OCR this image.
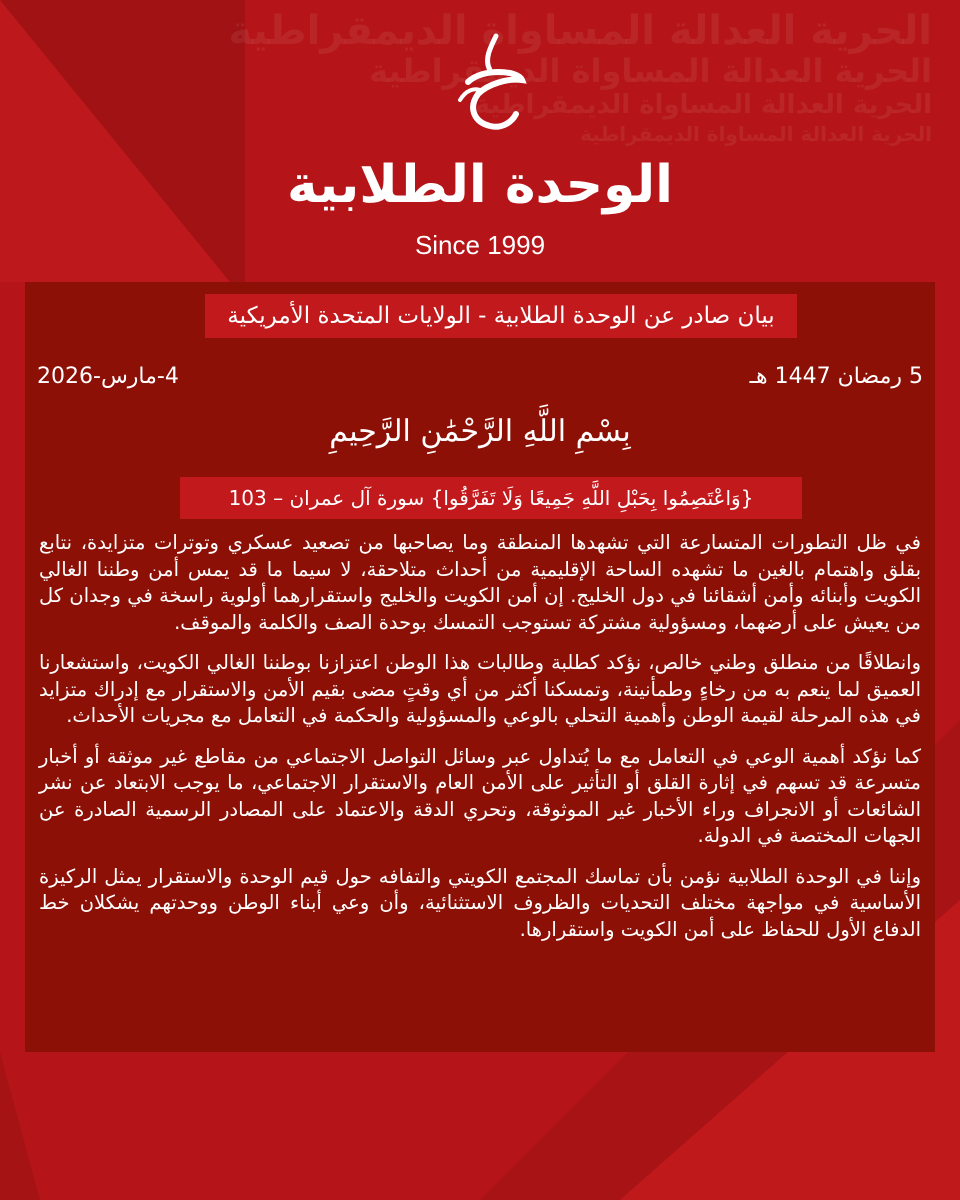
الحرية العدالة المساواة الديمقراطية
الحرية العدالة المساواة الديمقراطية
الحرية العدالة المساواة الديمقراطية
الحرية العدالة المساواة الديمقراطية
الوحدة الطلابية
Since 1999
بيان صادر عن الوحدة الطلابية - الولايات المتحدة الأمريكية
5 رمضان 1447 هـ
4-مارس-2026
بِسْمِ اللَّهِ الرَّحْمَٰنِ الرَّحِيمِ
{وَاعْتَصِمُوا بِحَبْلِ اللَّهِ جَمِيعًا وَلَا تَفَرَّقُوا} سورة آل عمران – 103

في ظل التطورات المتسارعة التي تشهدها المنطقة وما يصاحبها من تصعيد عسكري وتوترات متزايدة، نتابع بقلق واهتمام بالغين ما تشهده الساحة الإقليمية من أحداث متلاحقة، لا سيما ما قد يمس أمن وطننا الغالي الكويت وأبنائه وأمن أشقائنا في دول الخليج. إن أمن الكويت والخليج واستقرارهما أولوية راسخة في وجدان كل من يعيش على أرضهما، ومسؤولية مشتركة تستوجب التمسك بوحدة الصف والكلمة والموقف.

وانطلاقًا من منطلق وطني خالص، نؤكد كطلبة وطالبات هذا الوطن اعتزازنا بوطننا الغالي الكويت، واستشعارنا العميق لما ينعم به من رخاءٍ وطمأنينة، وتمسكنا أكثر من أي وقتٍ مضى بقيم الأمن والاستقرار مع إدراك متزايد في هذه المرحلة لقيمة الوطن وأهمية التحلي بالوعي والمسؤولية والحكمة في التعامل مع مجريات الأحداث.

كما نؤكد أهمية الوعي في التعامل مع ما يُتداول عبر وسائل التواصل الاجتماعي من مقاطع غير موثقة أو أخبار متسرعة قد تسهم في إثارة القلق أو التأثير على الأمن العام والاستقرار الاجتماعي، ما يوجب الابتعاد عن نشر الشائعات أو الانجراف وراء الأخبار غير الموثوقة، وتحري الدقة والاعتماد على المصادر الرسمية الصادرة عن الجهات المختصة في الدولة.

وإننا في الوحدة الطلابية نؤمن بأن تماسك المجتمع الكويتي والتفافه حول قيم الوحدة والاستقرار يمثل الركيزة الأساسية في مواجهة مختلف التحديات والظروف الاستثنائية، وأن وعي أبناء الوطن ووحدتهم يشكلان خط الدفاع الأول للحفاظ على أمن الكويت واستقرارها.
